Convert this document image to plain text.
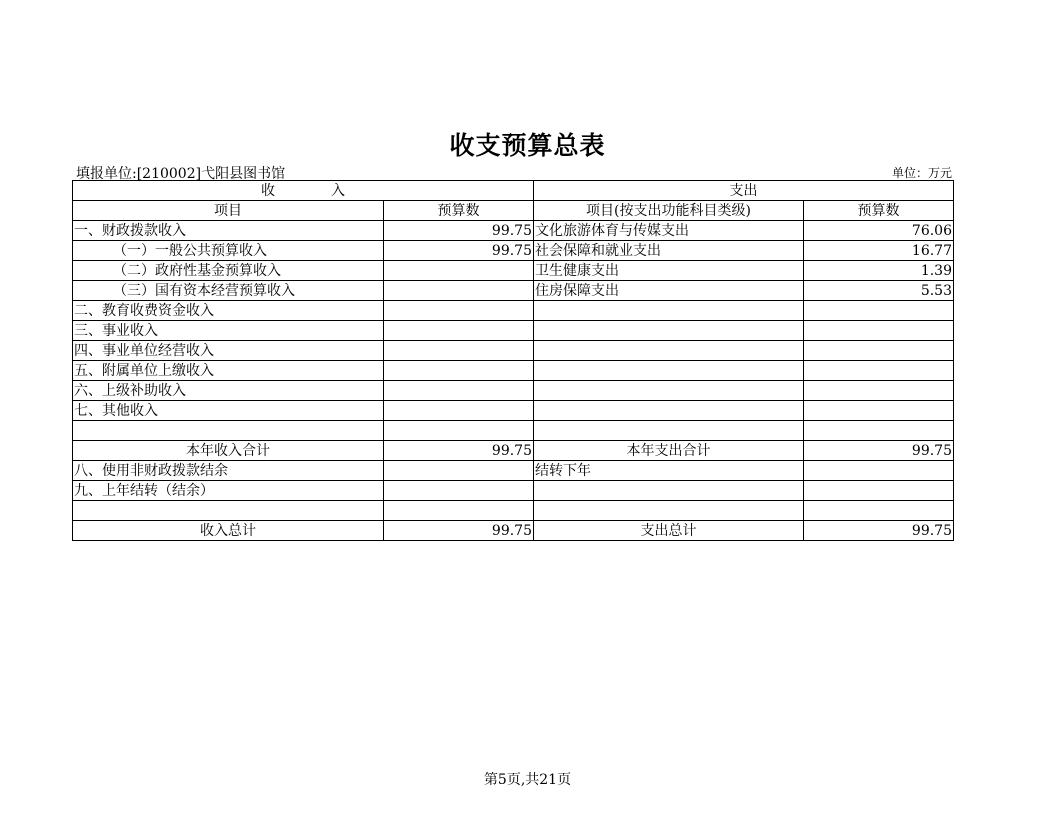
收支预算总表
填报单位:[210002]弋阳县图书馆	单位：万元
收　　　　入		支出	
项目	预算数	项目(按支出功能科目类级)	预算数
一、财政拨款收入	99.75	文化旅游体育与传媒支出	76.06
（一）一般公共预算收入	99.75	社会保障和就业支出	16.77
（二）政府性基金预算收入		卫生健康支出	1.39
（三）国有资本经营预算收入		住房保障支出	5.53
二、教育收费资金收入			
三、事业收入			
四、事业单位经营收入			
五、附属单位上缴收入			
六、上级补助收入			
七、其他收入			

本年收入合计	99.75	本年支出合计	99.75
八、使用非财政拨款结余		结转下年	
九、上年结转（结余）			

收入总计	99.75	支出总计	99.75
第5页,共21页
